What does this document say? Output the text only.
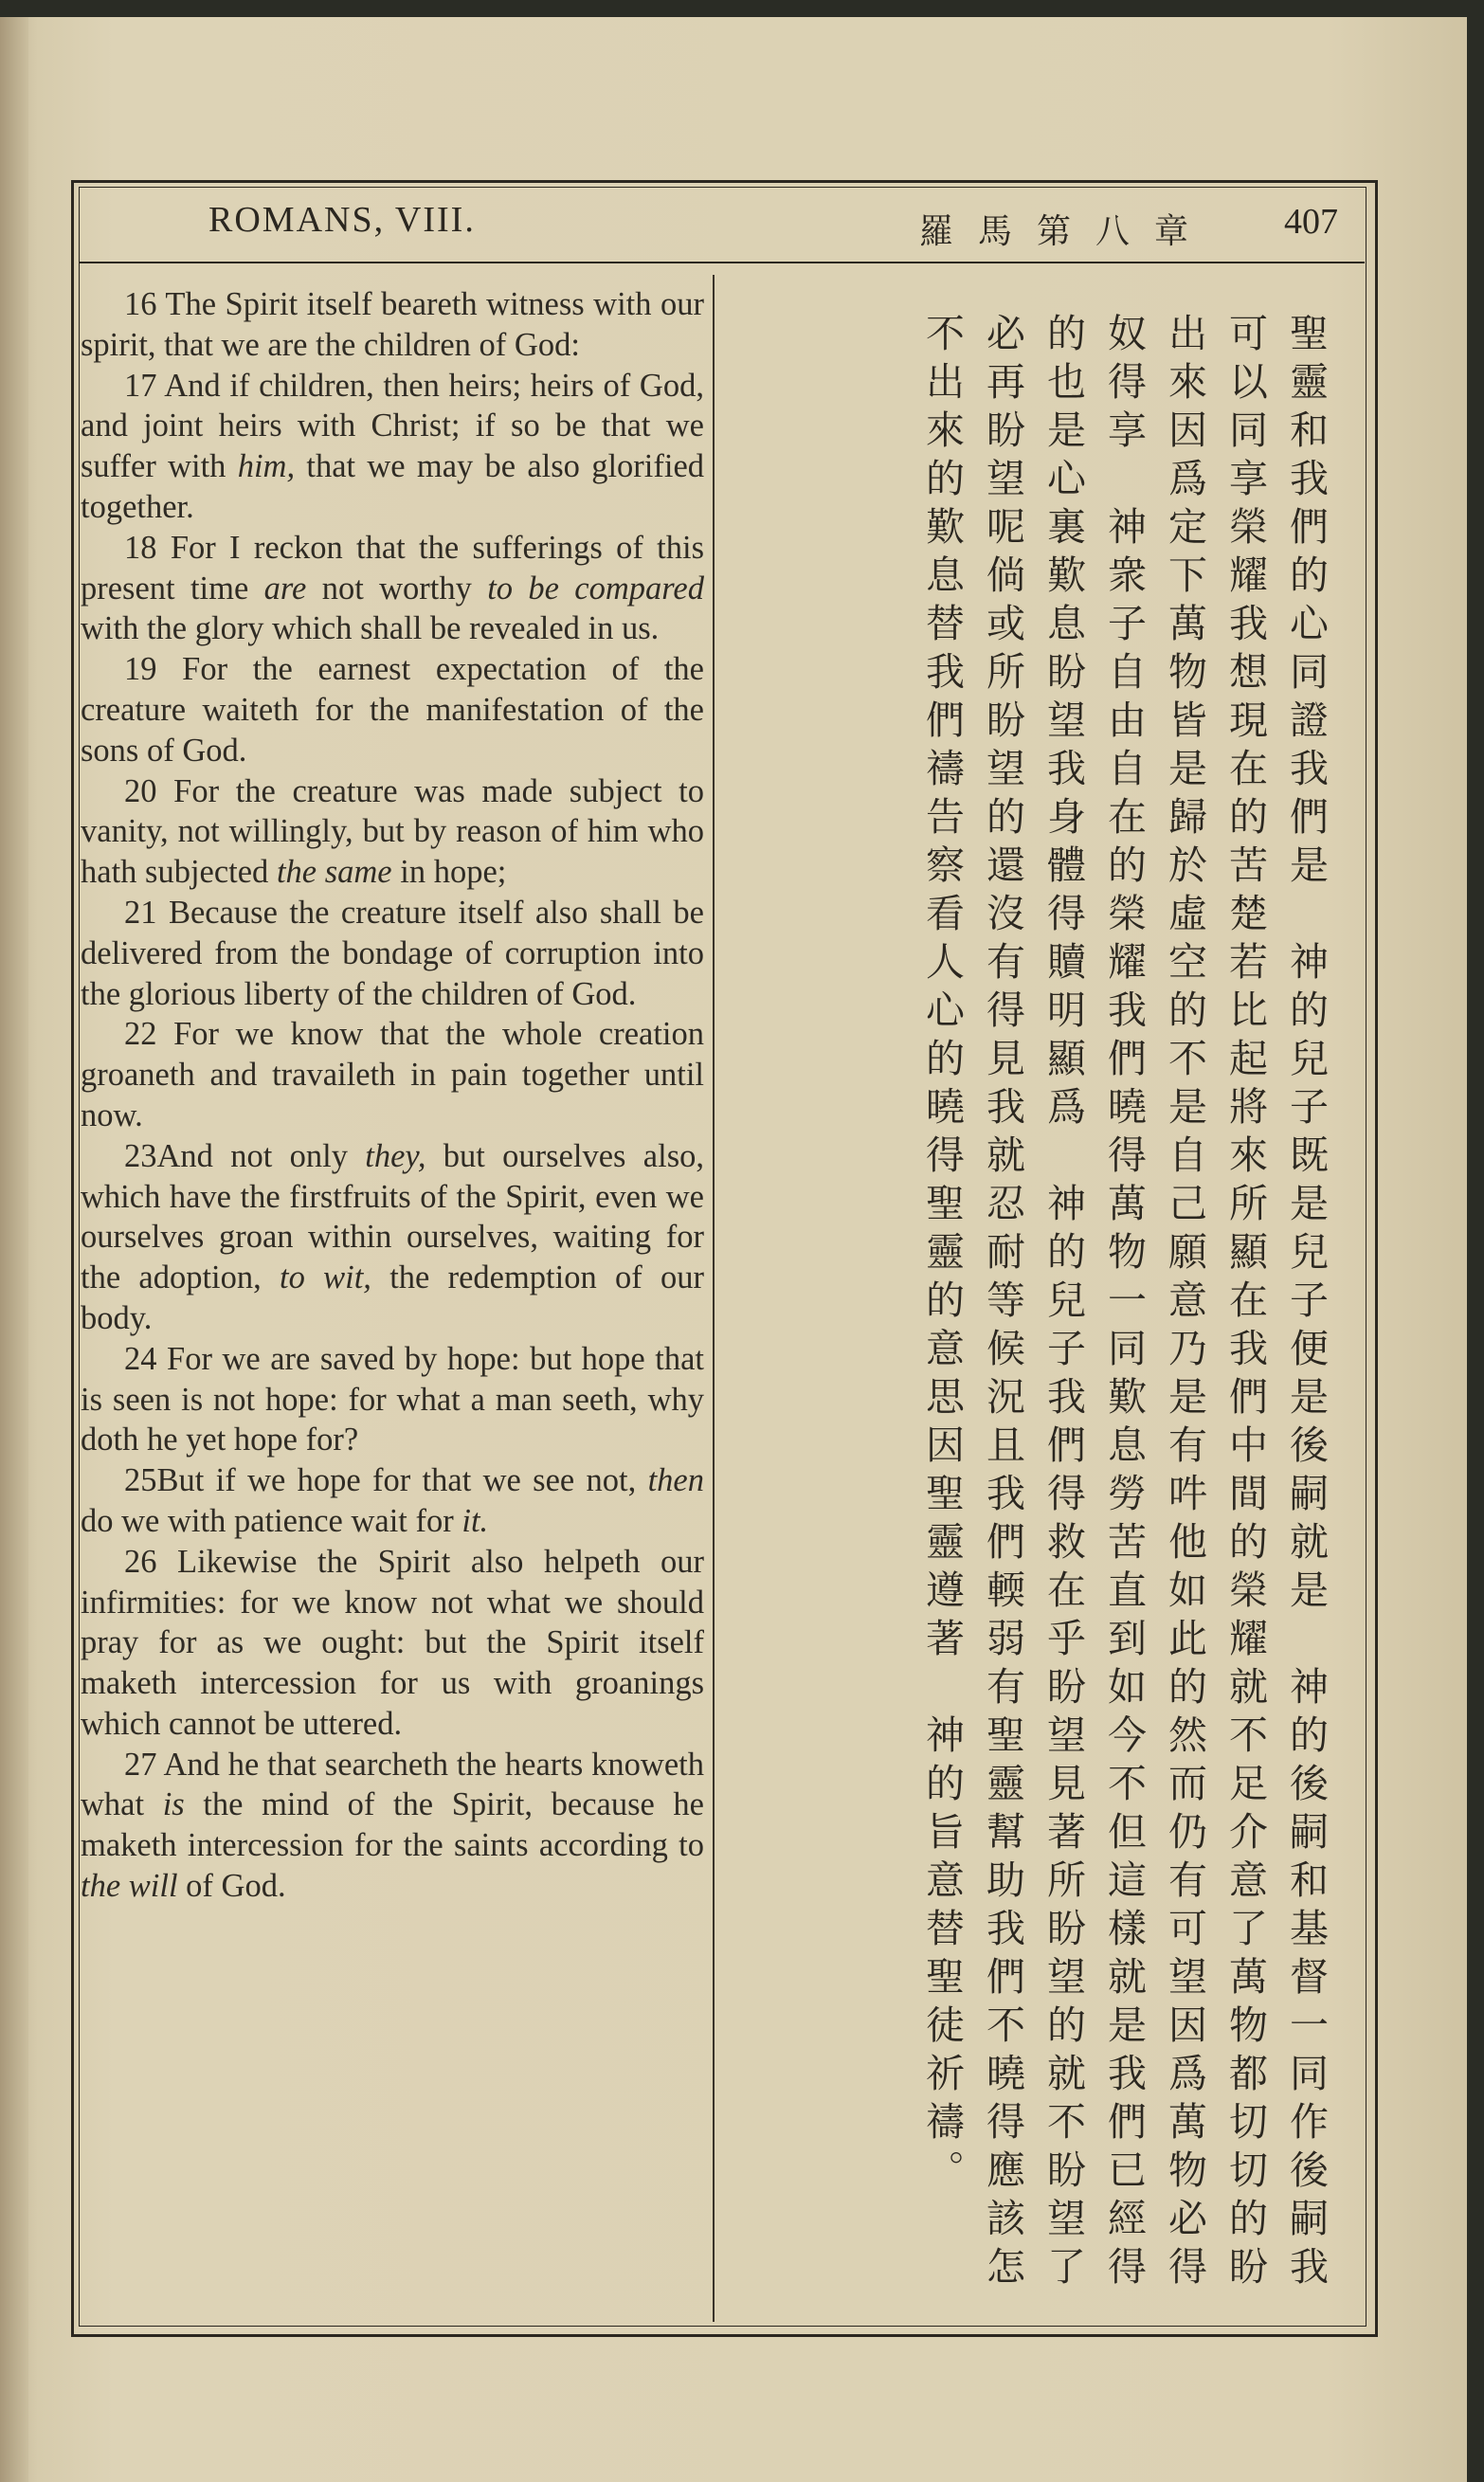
ROMANS, VIII.	羅馬第八章 407

16 The Spirit itself beareth witness with our spirit, that we are the children of God:

17 And if children, then heirs; heirs of God, and joint heirs with Christ; if so be that we suffer with him, that we may be also glorified together.

18 For I reckon that the sufferings of this present time are not worthy to be compared with the glory which shall be revealed in us.

19 For the earnest expectation of the creature waiteth for the manifestation of the sons of God.

20 For the creature was made subject to vanity, not willingly, but by reason of him who hath subjected the same in hope;

21 Because the creature itself also shall be delivered from the bondage of corruption into the glorious liberty of the children of God.

22 For we know that the whole creation groaneth and travaileth in pain together until now.

23And not only they, but ourselves also, which have the firstfruits of the Spirit, even we ourselves groan within ourselves, waiting for the adoption, to wit, the redemption of our body.

24 For we are saved by hope: but hope that is seen is not hope: for what a man seeth, why doth he yet hope for?

25But if we hope for that we see not, then do we with patience wait for it.

26 Likewise the Spirit also helpeth our infirmities: for we know not what we should pray for as we ought: but the Spirit itself maketh intercession for us with groanings which cannot be uttered.

27 And he that searcheth the hearts knoweth what is the mind of the Spirit, because he maketh intercession for the saints according to the will of God.

聖靈和我們的心同證我們是　神的兒子既是兒子便是後嗣就是　神的後嗣和基督一同作後嗣我
可以同享榮耀我想現在的苦楚若比起將來所顯在我們中間的榮耀就不足介意了萬物都切切的盼　
出來因爲定下萬物皆是歸於虛空的不是自己願意乃是有吽他如此的然而仍有可望因爲萬物必得
奴得享　神衆子自由自在的榮耀我們曉得萬物一同歎息勞苦直到如今不但這樣就是我們已經得
的也是心裏歎息盼望我身體得贖明顯爲　神的兒子我們得救在乎盼望見著所盼望的就不盼望了
必再盼望呢倘或所盼望的還沒有得見我就忍耐等候況且我們輭弱有聖靈幫助我們不曉得應該怎
不出來的歎息替我們禱告察看人心的曉得聖靈的意思因聖靈遵著　神的旨意替聖徒祈禱。
